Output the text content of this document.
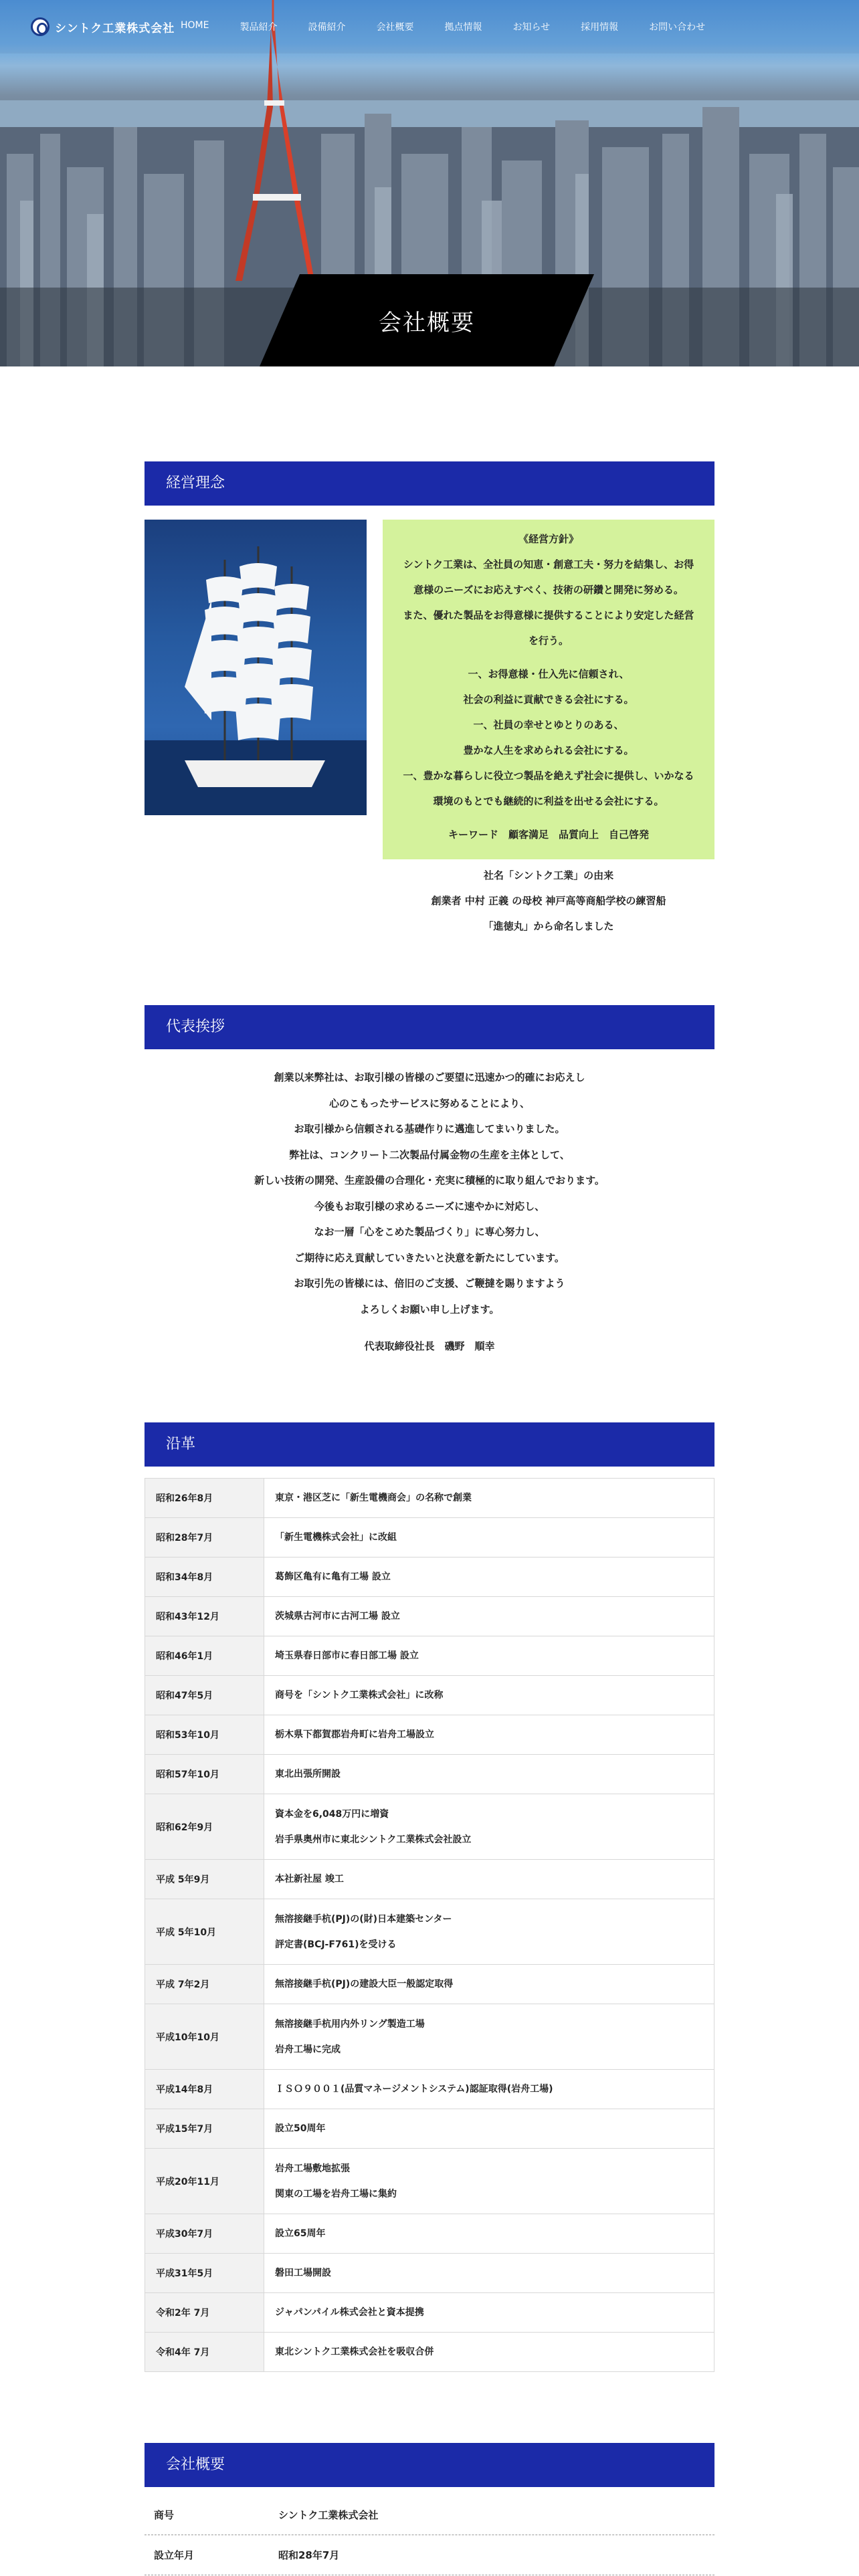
シントク工業株式会社 HOME	製品紹介	設備紹介	会社概要	拠点情報	お知らせ	採用情報	お問い合わせ
会社概要
経営理念

《経営方針》

シントク工業は、全社員の知恵・創意工夫・努力を結集し、お得

意様のニーズにお応えすべく、技術の研鑽と開発に努める。

また、優れた製品をお得意様に提供することにより安定した経営

を行う。

一、お得意様・仕入先に信頼され、

社会の利益に貢献できる会社にする。

一、社員の幸せとゆとりのある、

豊かな人生を求められる会社にする。

一、豊かな暮らしに役立つ製品を絶えず社会に提供し、いかなる

環境のもとでも継続的に利益を出せる会社にする。

キーワード　顧客満足　品質向上　自己啓発

社名「シントク工業」の由来

創業者 中村 正義 の母校 神戸高等商船学校の練習船

「進徳丸」から命名しました

代表挨拶

創業以来弊社は、お取引様の皆様のご要望に迅速かつ的確にお応えし

心のこもったサービスに努めることにより、

お取引様から信頼される基礎作りに邁進してまいりました。

弊社は、コンクリート二次製品付属金物の生産を主体として、

新しい技術の開発、生産設備の合理化・充実に積極的に取り組んでおります。

今後もお取引様の求めるニーズに速やかに対応し、

なお一層「心をこめた製品づくり」に専心努力し、

ご期待に応え貢献していきたいと決意を新たにしています。

お取引先の皆様には、倍旧のご支援、ご鞭撻を賜りますよう

よろしくお願い申し上げます。

代表取締役社長　磯野　順幸

沿革
昭和26年8月	東京・港区芝に「新生電機商会」の名称で創業

昭和28年7月	「新生電機株式会社」に改組

昭和34年8月	葛飾区亀有に亀有工場 設立

昭和43年12月	茨城県古河市に古河工場 設立

昭和46年1月	埼玉県春日部市に春日部工場 設立

昭和47年5月	商号を「シントク工業株式会社」に改称

昭和53年10月	栃木県下都賀郡岩舟町に岩舟工場設立

昭和57年10月	東北出張所開設

昭和62年9月	資本金を6,048万円に増資
岩手県奥州市に東北シントク工業株式会社設立

平成 5年9月	本社新社屋 竣工

平成 5年10月	無溶接継手杭(PJ)の(財)日本建築センター
評定書(BCJ-F761)を受ける

平成 7年2月	無溶接継手杭(PJ)の建設大臣一般認定取得

平成10年10月	無溶接継手杭用内外リング製造工場
岩舟工場に完成

平成14年8月	ＩＳＯ９００１(品質マネージメントシステム)認証取得(岩舟工場)

平成15年7月	設立50周年

平成20年11月	岩舟工場敷地拡張
関東の工場を岩舟工場に集約

平成30年7月	設立65周年

平成31年5月	磐田工場開設

令和2年 7月	ジャパンパイル株式会社と資本提携

令和4年 7月	東北シントク工業株式会社を吸収合併
会社概要
商号	シントク工業株式会社
設立年月	昭和28年7月
